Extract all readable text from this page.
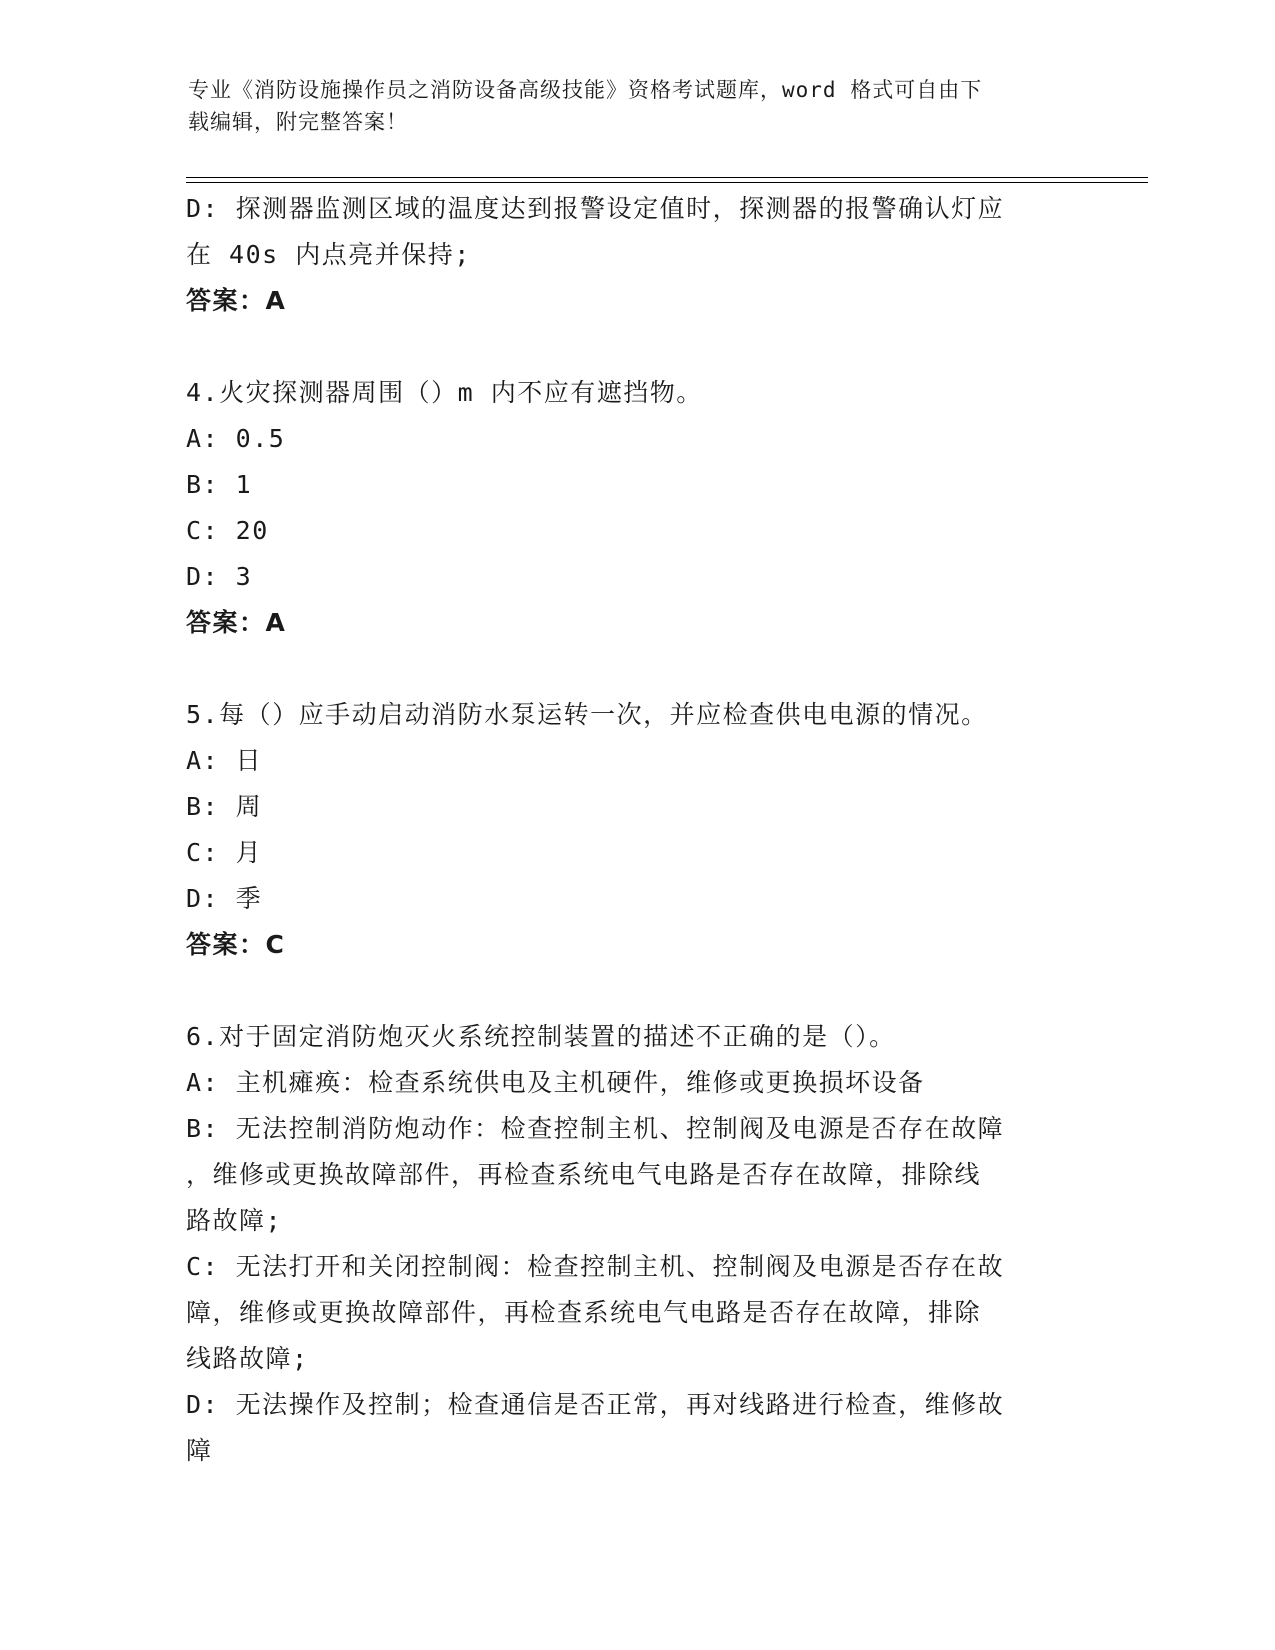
专业《消防设施操作员之消防设备高级技能》资格考试题库，word 格式可自由下
载编辑，附完整答案！
D: 探测器监测区域的温度达到报警设定值时，探测器的报警确认灯应
在 40s 内点亮并保持;
答案：A
4.火灾探测器周围（）m 内不应有遮挡物。
A: 0.5
B: 1
C: 20
D: 3
答案：A
5.每（）应手动启动消防水泵运转一次，并应检查供电电源的情况。
A: 日
B: 周
C: 月
D: 季
答案：C
6.对于固定消防炮灭火系统控制装置的描述不正确的是（）。
A: 主机瘫痪：检查系统供电及主机硬件，维修或更换损坏设备
B: 无法控制消防炮动作：检查控制主机、控制阀及电源是否存在故障
，维修或更换故障部件，再检查系统电气电路是否存在故障，排除线
路故障;
C: 无法打开和关闭控制阀：检查控制主机、控制阀及电源是否存在故
障，维修或更换故障部件，再检查系统电气电路是否存在故障，排除
线路故障;
D: 无法操作及控制；检查通信是否正常，再对线路进行检查，维修故
障
